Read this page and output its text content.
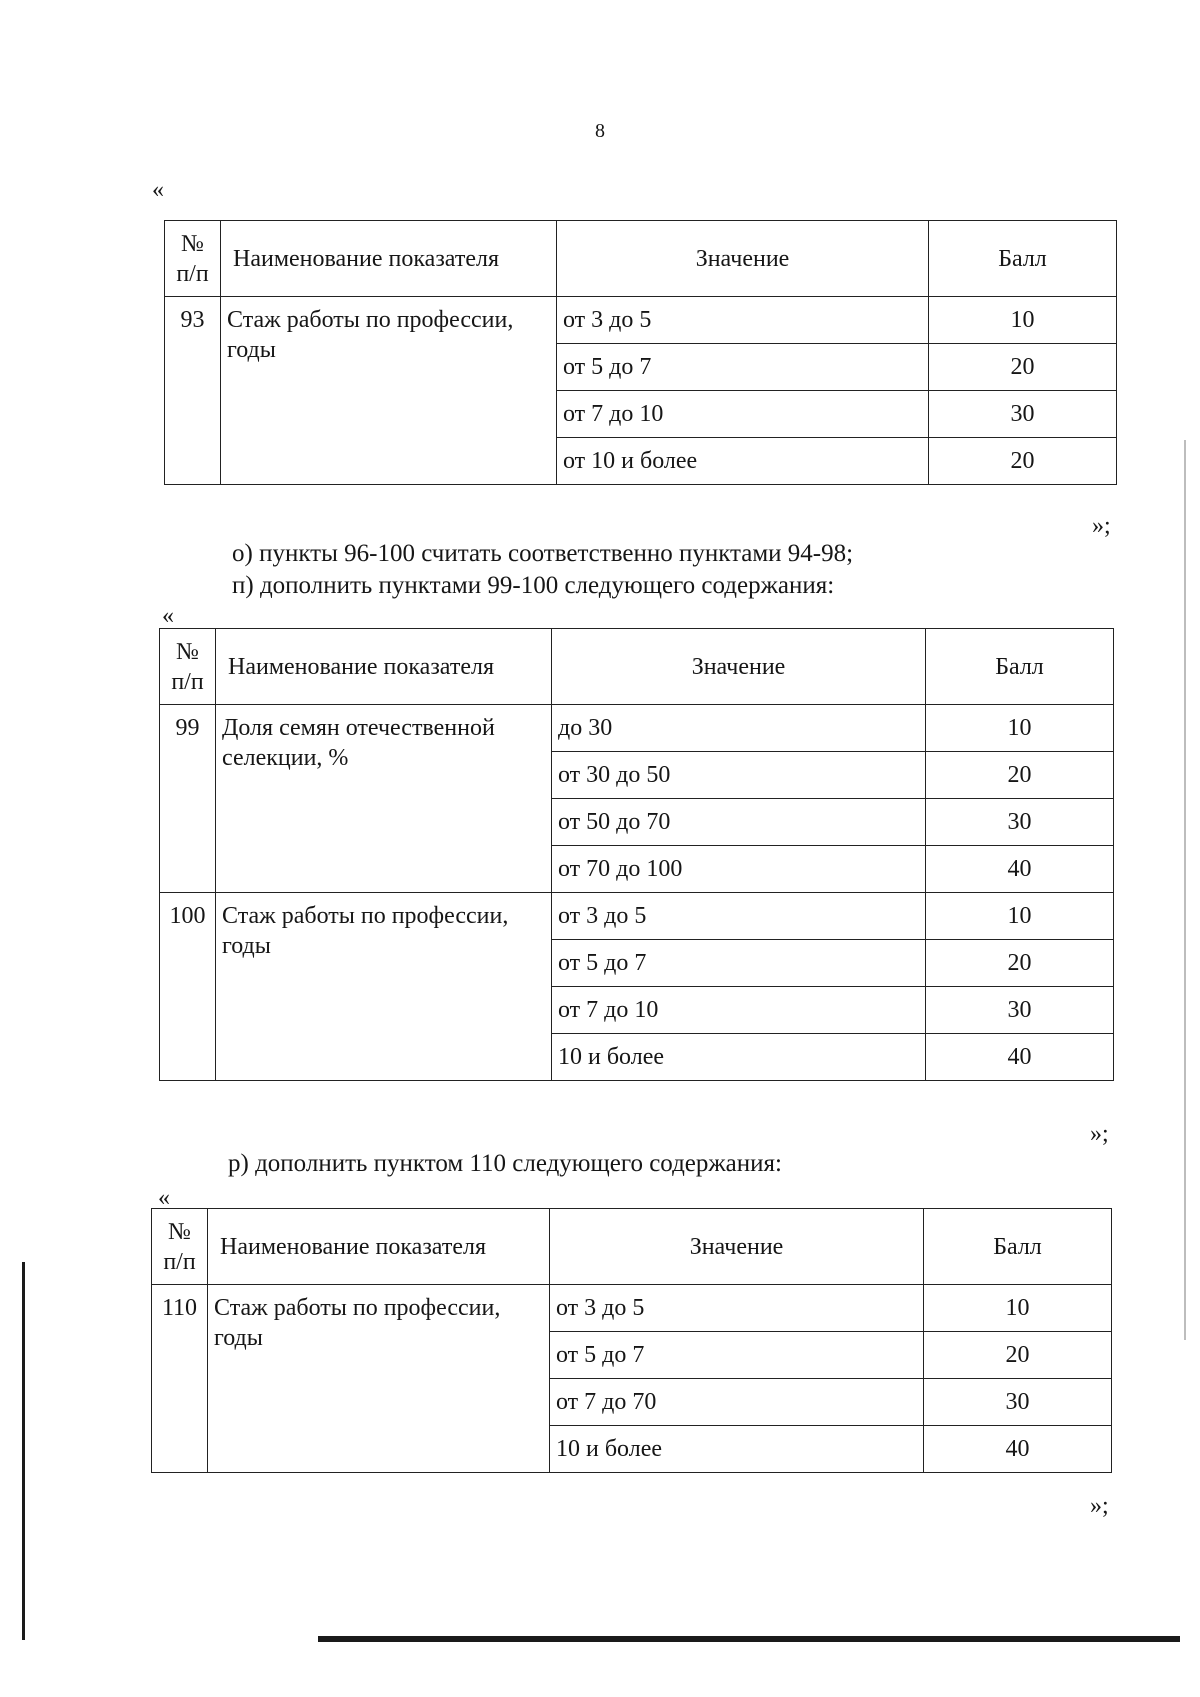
8
«
№ п/п	Наименование показателя	Значение	Балл
93	Стаж работы по профессии, годы	от 3 до 5	10
		от 5 до 7	20
		от 7 до 10	30
		от 10 и более	20
»;
о) пункты 96-100 считать соответственно пунктами 94-98;
п) дополнить пунктами 99-100 следующего содержания:
«
№ п/п	Наименование показателя	Значение	Балл
99	Доля семян отечественной селекции, %	до 30	10
		от 30 до 50	20
		от 50 до 70	30
		от 70 до 100	40
100	Стаж работы по профессии, годы	от 3 до 5	10
		от 5 до 7	20
		от 7 до 10	30
		10 и более	40
»;
р) дополнить пунктом 110 следующего содержания:
«
№ п/п	Наименование показателя	Значение	Балл
110	Стаж работы по профессии, годы	от 3 до 5	10
		от 5 до 7	20
		от 7 до 70	30
		10 и более	40
»;
